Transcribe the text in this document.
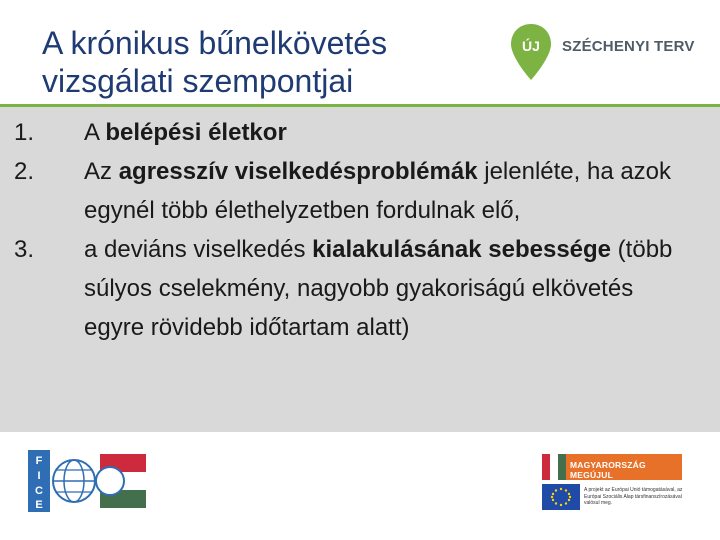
A krónikus bűnelkövetés
vizsgálati szempontjai
ÚJ SZÉCHENYI TERV
1.	A belépési életkor
2.	Az agresszív viselkedésproblémák jelenléte, ha azok egynél több élethelyzetben fordulnak elő,
3.	a deviáns viselkedés kialakulásának sebessége (több súlyos cselekmény, nagyobb gyakoriságú elkövetés egyre rövidebb időtartam alatt)
F
I
C
E
MAGYARORSZÁG MEGÚJUL
A projekt az Európai Unió támogatásával, az Európai Szociális Alap társfinanszírozásával valósul meg.
